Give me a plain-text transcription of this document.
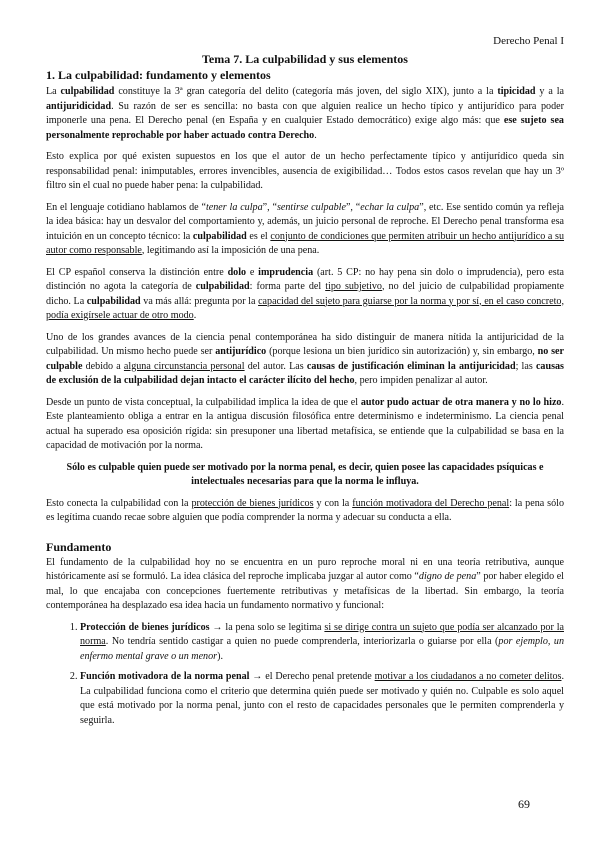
Derecho Penal I
Tema 7. La culpabilidad y sus elementos
1. La culpabilidad: fundamento y elementos

La culpabilidad constituye la 3ª gran categoría del delito (categoría más joven, del siglo XIX), junto a la tipicidad y a la antijuridicidad. Su razón de ser es sencilla: no basta con que alguien realice un hecho típico y antijurídico para poder imponerle una pena. El Derecho penal (en España y en cualquier Estado democrático) exige algo más: que ese sujeto sea personalmente reprochable por haber actuado contra Derecho.

Esto explica por qué existen supuestos en los que el autor de un hecho perfectamente típico y antijurídico queda sin responsabilidad penal: inimputables, errores invencibles, ausencia de exigibilidad… Todos estos casos revelan que hay un 3º filtro sin el cual no puede haber pena: la culpabilidad.

En el lenguaje cotidiano hablamos de “tener la culpa”, “sentirse culpable”, “echar la culpa”, etc. Ese sentido común ya refleja la idea básica: hay un desvalor del comportamiento y, además, un juicio personal de reproche. El Derecho penal transforma esa intuición en un concepto técnico: la culpabilidad es el conjunto de condiciones que permiten atribuir un hecho antijurídico a su autor como responsable, legitimando así la imposición de una pena.

El CP español conserva la distinción entre dolo e imprudencia (art. 5 CP: no hay pena sin dolo o imprudencia), pero esta distinción no agota la categoría de culpabilidad: forma parte del tipo subjetivo, no del juicio de culpabilidad propiamente dicho. La culpabilidad va más allá: pregunta por la capacidad del sujeto para guiarse por la norma y por sí, en el caso concreto, podía exigírsele actuar de otro modo.

Uno de los grandes avances de la ciencia penal contemporánea ha sido distinguir de manera nítida la antijuricidad de la culpabilidad. Un mismo hecho puede ser antijurídico (porque lesiona un bien jurídico sin autorización) y, sin embargo, no ser culpable debido a alguna circunstancia personal del autor. Las causas de justificación eliminan la antijuricidad; las causas de exclusión de la culpabilidad dejan intacto el carácter ilícito del hecho, pero impiden penalizar al autor.

Desde un punto de vista conceptual, la culpabilidad implica la idea de que el autor pudo actuar de otra manera y no lo hizo. Este planteamiento obliga a entrar en la antigua discusión filosófica entre determinismo e indeterminismo. La ciencia penal actual ha superado esa oposición rígida: sin presuponer una libertad metafísica, se entiende que la culpabilidad se basa en la capacidad de motivación por la norma.

Sólo es culpable quien puede ser motivado por la norma penal, es decir, quien posee las capacidades psíquicas e intelectuales necesarias para que la norma le influya.

Esto conecta la culpabilidad con la protección de bienes jurídicos y con la función motivadora del Derecho penal: la pena sólo es legítima cuando recae sobre alguien que podía comprender la norma y adecuar su conducta a ella.

Fundamento

El fundamento de la culpabilidad hoy no se encuentra en un puro reproche moral ni en una teoría retributiva, aunque históricamente así se formuló. La idea clásica del reproche implicaba juzgar al autor como “digno de pena” por haber elegido el mal, lo que encajaba con concepciones fuertemente retributivas y metafísicas de la libertad. Sin embargo, la teoría contemporánea ha desplazado esa idea hacia un fundamento normativo y funcional:

1. Protección de bienes jurídicos → la pena solo se legitima si se dirige contra un sujeto que podía ser alcanzado por la norma. No tendría sentido castigar a quien no puede comprenderla, interiorizarla o guiarse por ella (por ejemplo, un enfermo mental grave o un menor).
2. Función motivadora de la norma penal → el Derecho penal pretende motivar a los ciudadanos a no cometer delitos. La culpabilidad funciona como el criterio que determina quién puede ser motivado y quién no. Culpable es solo aquel que está motivado por la norma penal, junto con el resto de capacidades personales que le permiten comprenderla y seguirla.
69
